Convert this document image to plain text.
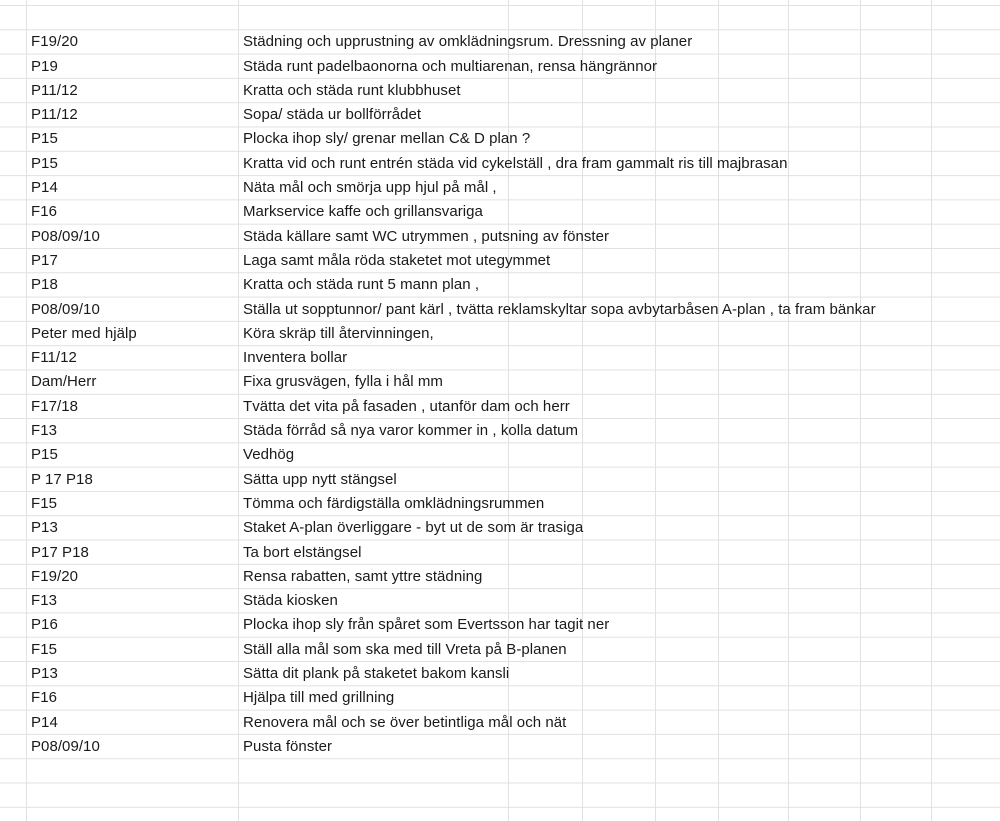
F19/20	Städning och upprustning av omklädningsrum. Dressning av planer
P19	Städa runt padelbaonorna och multiarenan, rensa hängrännor
P11/12	Kratta och städa runt klubbhuset
P11/12	Sopa/ städa ur bollförrådet
P15	Plocka ihop sly/ grenar mellan C& D plan ?
P15	Kratta vid och runt entrén städa vid cykelställ , dra fram gammalt ris till majbrasan
P14	Näta mål och smörja upp hjul på mål ,
F16	Markservice kaffe och grillansvariga
P08/09/10	Städa källare samt WC utrymmen , putsning av fönster
P17	Laga samt måla röda staketet mot utegymmet
P18	Kratta och städa runt 5 mann plan ,
P08/09/10	Ställa ut sopptunnor/ pant kärl , tvätta reklamskyltar sopa avbytarbåsen A-plan , ta fram bänkar
Peter med hjälp	Köra skräp till återvinningen,
F11/12	Inventera bollar
Dam/Herr	Fixa grusvägen, fylla i hål mm
F17/18	Tvätta det vita på fasaden , utanför dam och herr
F13	Städa förråd så nya varor kommer in , kolla datum
P15	Vedhög
P 17 P18	Sätta upp nytt stängsel
F15	Tömma och färdigställa omklädningsrummen
P13	Staket A-plan överliggare - byt ut de som är trasiga
P17 P18	Ta bort elstängsel
F19/20	Rensa rabatten, samt yttre städning
F13	Städa kiosken
P16	Plocka ihop sly från spåret som Evertsson har tagit ner
F15	Ställ alla mål som ska med till Vreta på B-planen
P13	Sätta dit plank på staketet bakom kansli
F16	Hjälpa till med grillning
P14	Renovera mål och se över betintliga mål och nät
P08/09/10	Pusta fönster
